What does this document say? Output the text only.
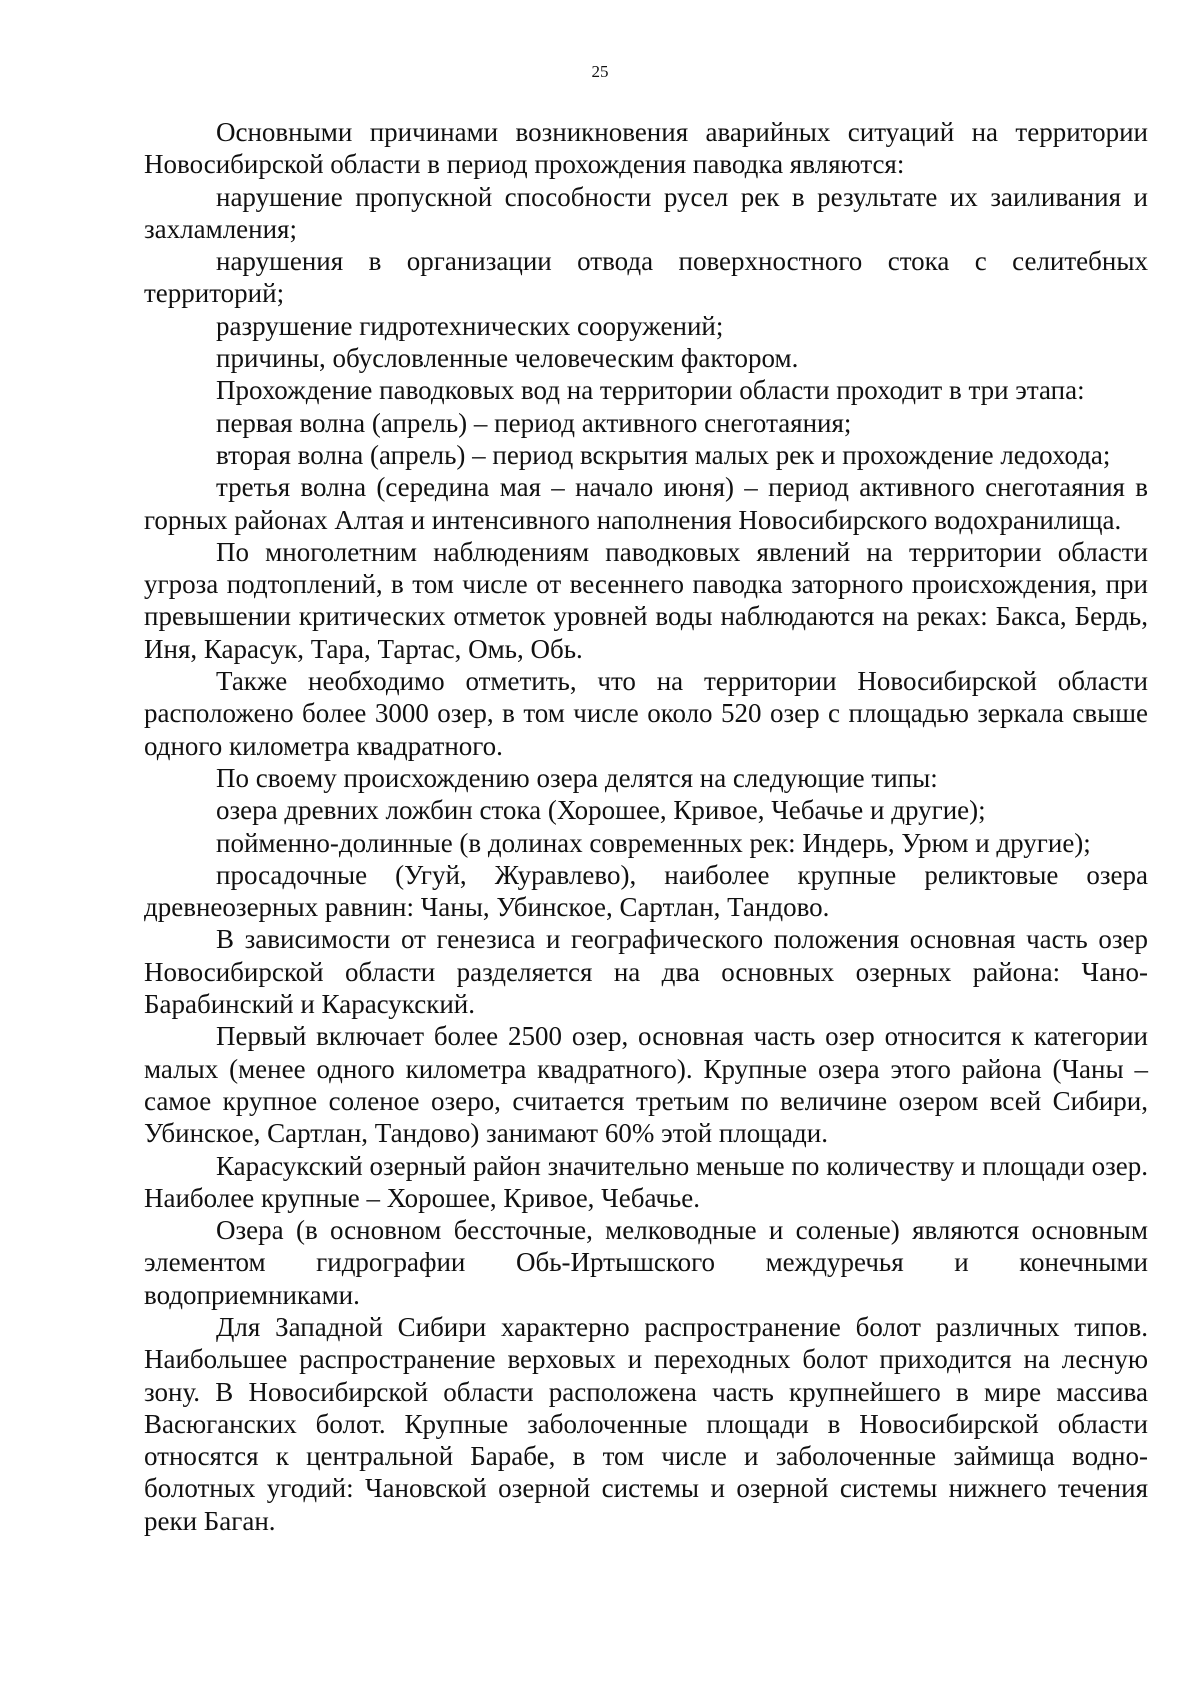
25

Основными причинами возникновения аварийных ситуаций на территории Новосибирской области в период прохождения паводка являются:

нарушение пропускной способности русел рек в результате их заиливания и захламления;

нарушения в организации отвода поверхностного стока с селитебных территорий;

разрушение гидротехнических сооружений;

причины, обусловленные человеческим фактором.

Прохождение паводковых вод на территории области проходит в три этапа:

первая волна (апрель) – период активного снеготаяния;

вторая волна (апрель) – период вскрытия малых рек и прохождение ледохода;

третья волна (середина мая – начало июня) – период активного снеготаяния в горных районах Алтая и интенсивного наполнения Новосибирского водохранилища.

По многолетним наблюдениям паводковых явлений на территории области угроза подтоплений, в том числе от весеннего паводка заторного происхождения, при превышении критических отметок уровней воды наблюдаются на реках: Бакса, Бердь, Иня, Карасук, Тара, Тартас, Омь, Обь.

Также необходимо отметить, что на территории Новосибирской области расположено более 3000 озер, в том числе около 520 озер с площадью зеркала свыше одного километра квадратного.

По своему происхождению озера делятся на следующие типы:

озера древних ложбин стока (Хорошее, Кривое, Чебачье и другие);

пойменно-долинные (в долинах современных рек: Индерь, Урюм и другие);

просадочные (Угуй, Журавлево), наиболее крупные реликтовые озера древнеозерных равнин: Чаны, Убинское, Сартлан, Тандово.

В зависимости от генезиса и географического положения основная часть озер Новосибирской области разделяется на два основных озерных района: Чано-Барабинский и Карасукский.

Первый включает более 2500 озер, основная часть озер относится к категории малых (менее одного километра квадратного). Крупные озера этого района (Чаны – самое крупное соленое озеро, считается третьим по величине озером всей Сибири, Убинское, Сартлан, Тандово) занимают 60% этой площади.

Карасукский озерный район значительно меньше по количеству и площади озер. Наиболее крупные – Хорошее, Кривое, Чебачье.

Озера (в основном бессточные, мелководные и соленые) являются основным элементом гидрографии Обь-Иртышского междуречья и конечными водоприемниками.

Для Западной Сибири характерно распространение болот различных типов. Наибольшее распространение верховых и переходных болот приходится на лесную зону. В Новосибирской области расположена часть крупнейшего в мире массива Васюганских болот. Крупные заболоченные площади в Новосибирской области относятся к центральной Барабе, в том числе и заболоченные займища водно-болотных угодий: Чановской озерной системы и озерной системы нижнего течения реки Баган.
